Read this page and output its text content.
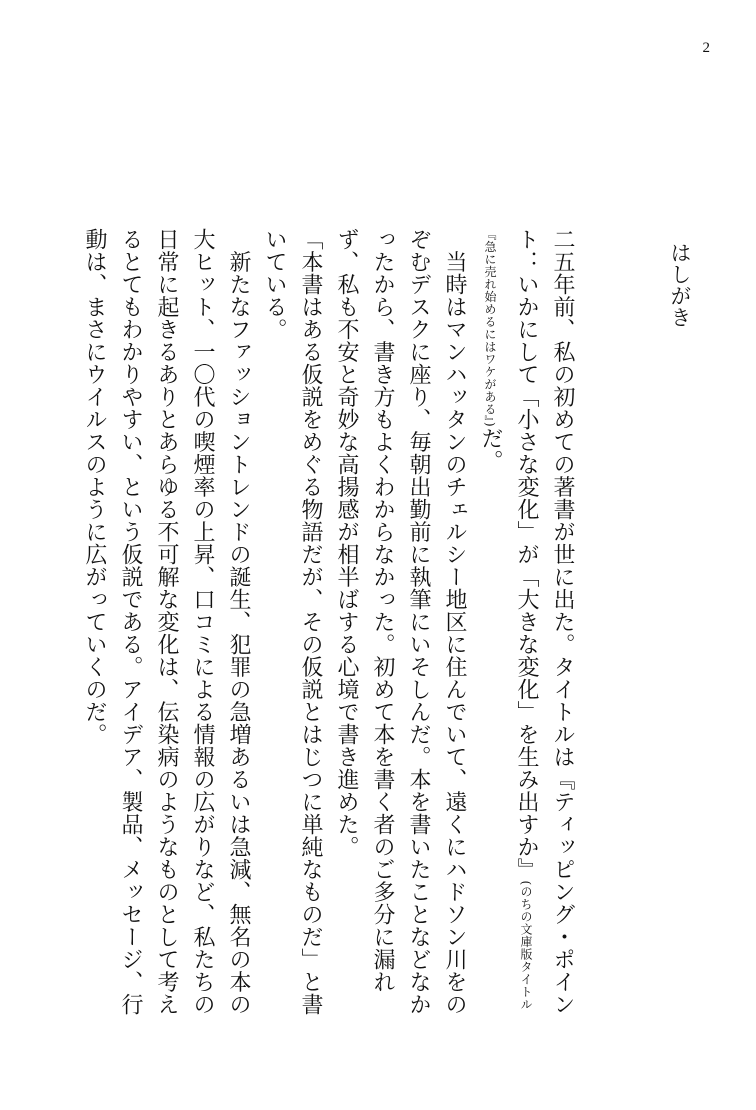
2
はしがき

二五年前、私の初めての著書が世に出た。タイトルは『ティッピング・ポイント：いかにして「小さな変化」が「大きな変化」を生み出すか』(のちの文庫版タイトル『急に売れ始めるにはワケがある』)だ。

　当時はマンハッタンのチェルシー地区に住んでいて、遠くにハドソン川をのぞむデスクに座り、毎朝出勤前に執筆にいそしんだ。本を書いたことなどなかったから、書き方もよくわからなかった。初めて本を書く者のご多分に漏れず、私も不安と奇妙な高揚感が相半ばする心境で書き進めた。

「本書はある仮説をめぐる物語だが、その仮説とはじつに単純なものだ」と書いている。

　新たなファッショントレンドの誕生、犯罪の急増あるいは急減、無名の本の大ヒット、一〇代の喫煙率の上昇、口コミによる情報の広がりなど、私たちの日常に起きるありとあらゆる不可解な変化は、伝染病のようなものとして考えるとてもわかりやすい、という仮説である。アイデア、製品、メッセージ、行動は、まさにウイルスのように広がっていくのだ。
